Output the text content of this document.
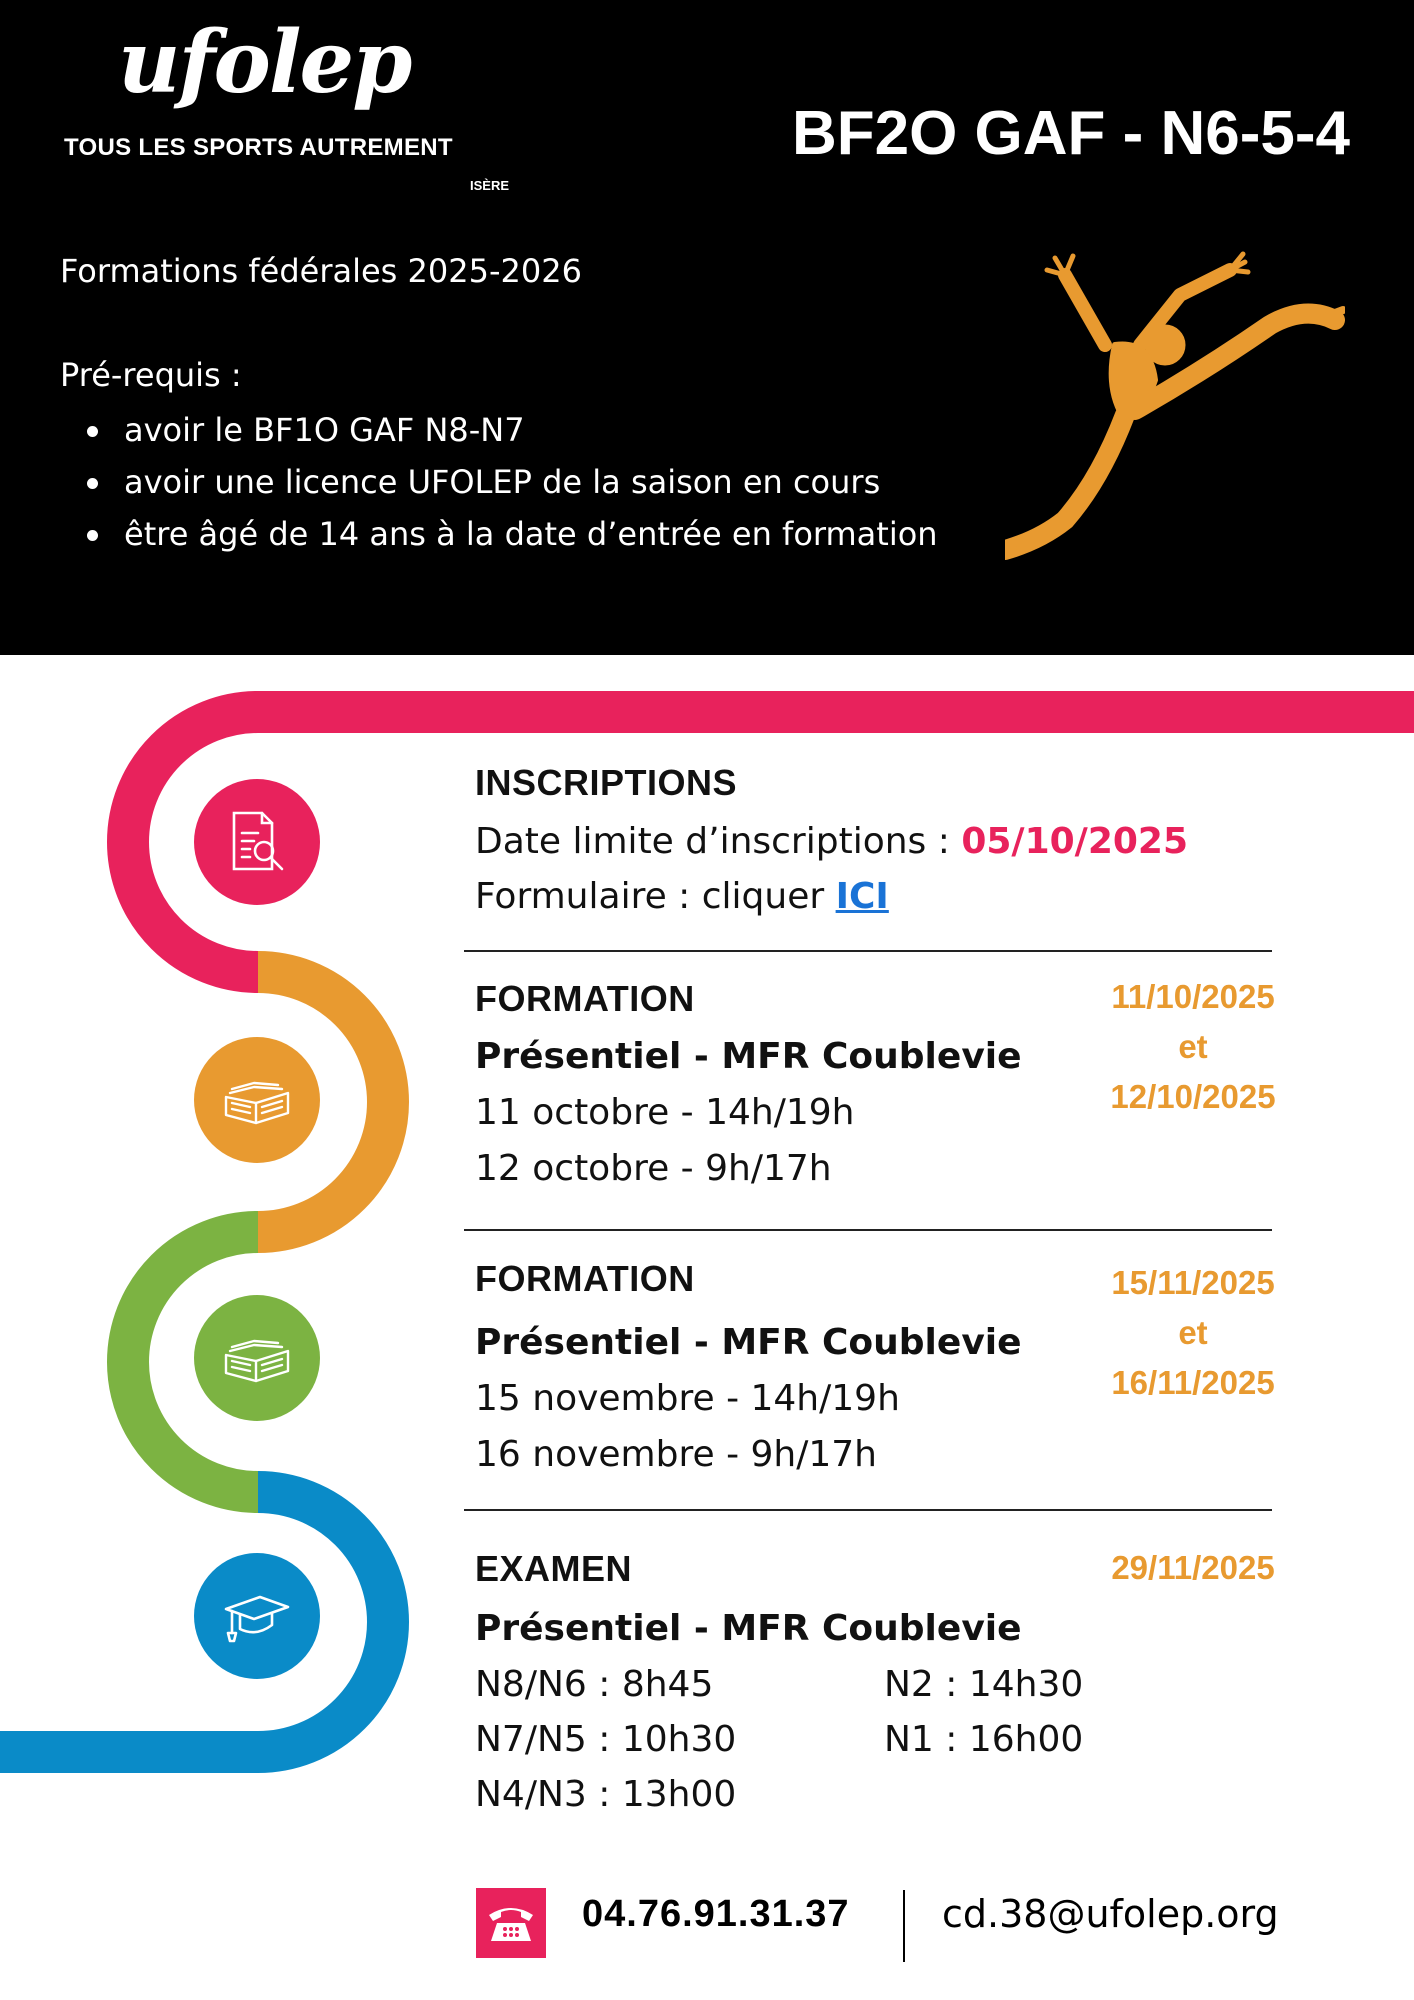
ufolep
TOUS LES SPORTS AUTREMENT
ISÈRE
BF2O GAF - N6-5-4
Formations fédérales 2025-2026
Pré-requis :
avoir le BF1O GAF N8-N7
avoir une licence UFOLEP de la saison en cours
être âgé de 14 ans à la date d’entrée en formation
INSCRIPTIONS
Date limite d’inscriptions : 05/10/2025
Formulaire : cliquer ICI
FORMATION
Présentiel - MFR Coublevie
11 octobre - 14h/19h
12 octobre - 9h/17h
11/10/2025
et
12/10/2025
FORMATION
Présentiel - MFR Coublevie
15 novembre - 14h/19h
16 novembre - 9h/17h
15/11/2025
et
16/11/2025
EXAMEN	29/11/2025
Présentiel - MFR Coublevie
N8/N6 : 8h45
N7/N5 : 10h30
N4/N3 : 13h00
N2 : 14h30
N1 : 16h00
04.76.91.31.37 cd.38@ufolep.org
